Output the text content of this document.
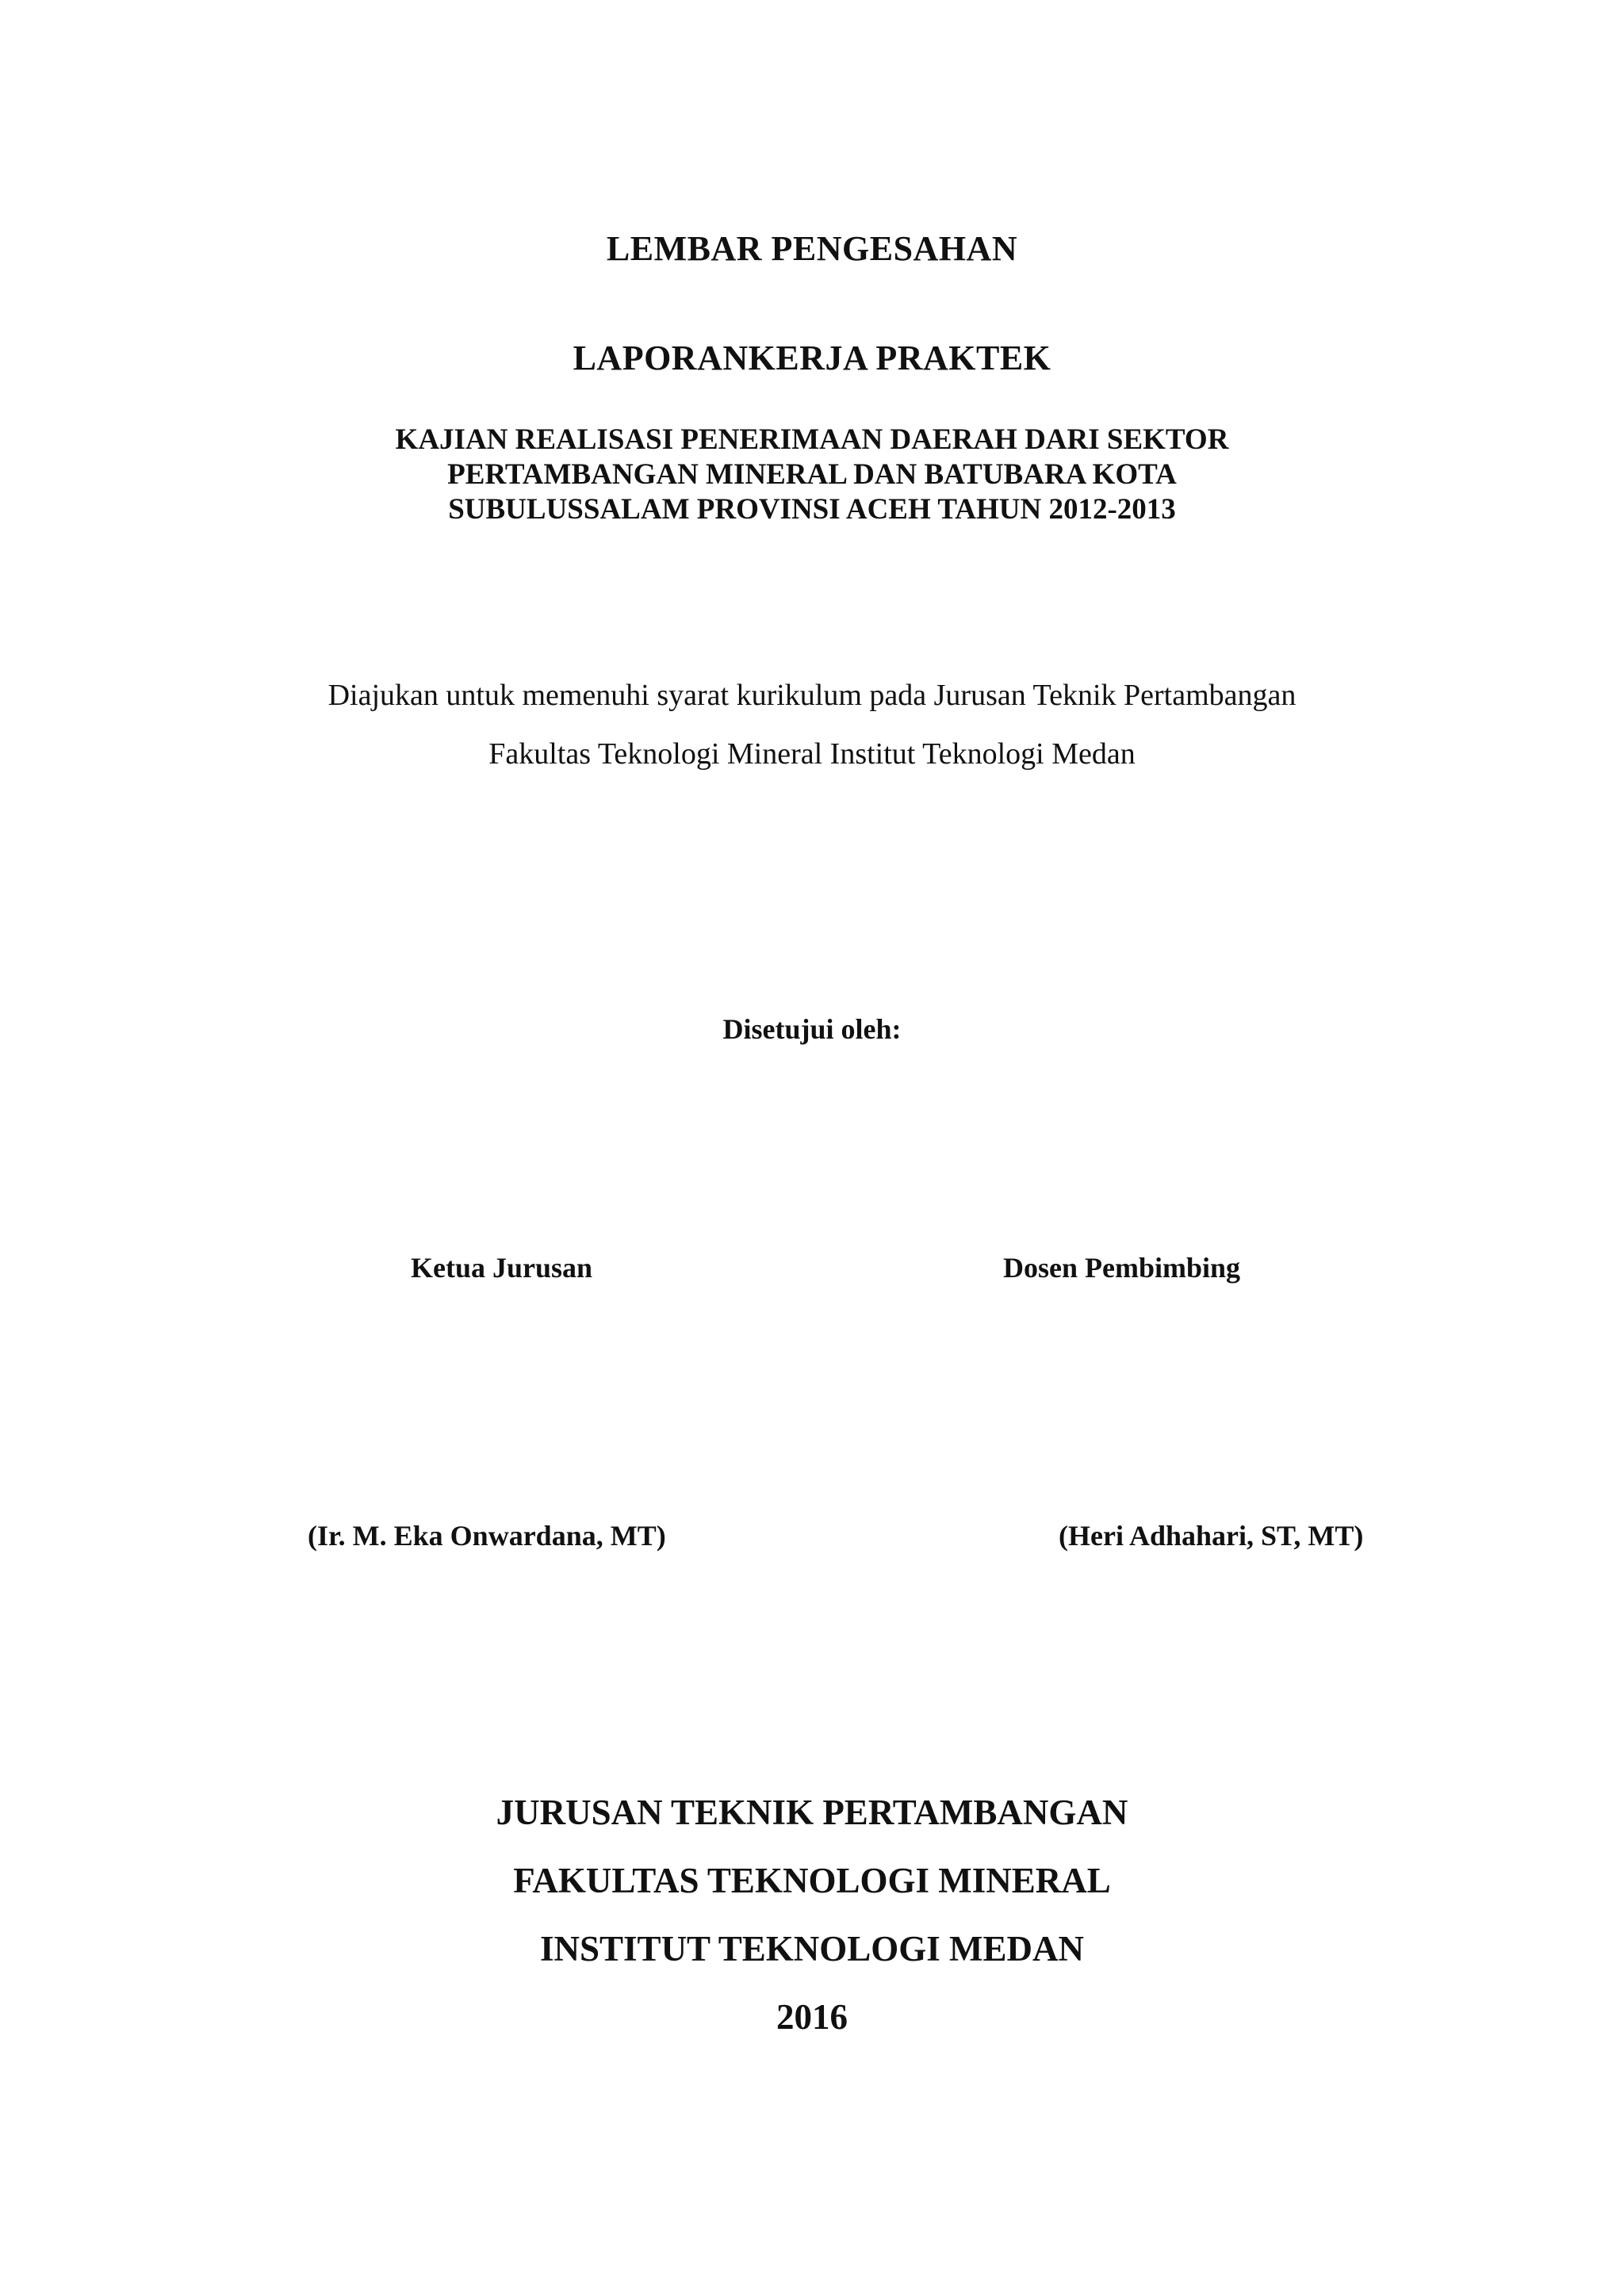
LEMBAR PENGESAHAN
LAPORANKERJA PRAKTEK
KAJIAN REALISASI PENERIMAAN DAERAH DARI SEKTOR
PERTAMBANGAN MINERAL DAN BATUBARA KOTA
SUBULUSSALAM PROVINSI ACEH TAHUN 2012-2013
Diajukan untuk memenuhi syarat kurikulum pada Jurusan Teknik Pertambangan
Fakultas Teknologi Mineral Institut Teknologi Medan
Disetujui oleh:
Ketua Jurusan	Dosen Pembimbing
(Ir. M. Eka Onwardana, MT)	(Heri Adhahari, ST, MT)
JURUSAN TEKNIK PERTAMBANGAN
FAKULTAS TEKNOLOGI MINERAL
INSTITUT TEKNOLOGI MEDAN
2016
